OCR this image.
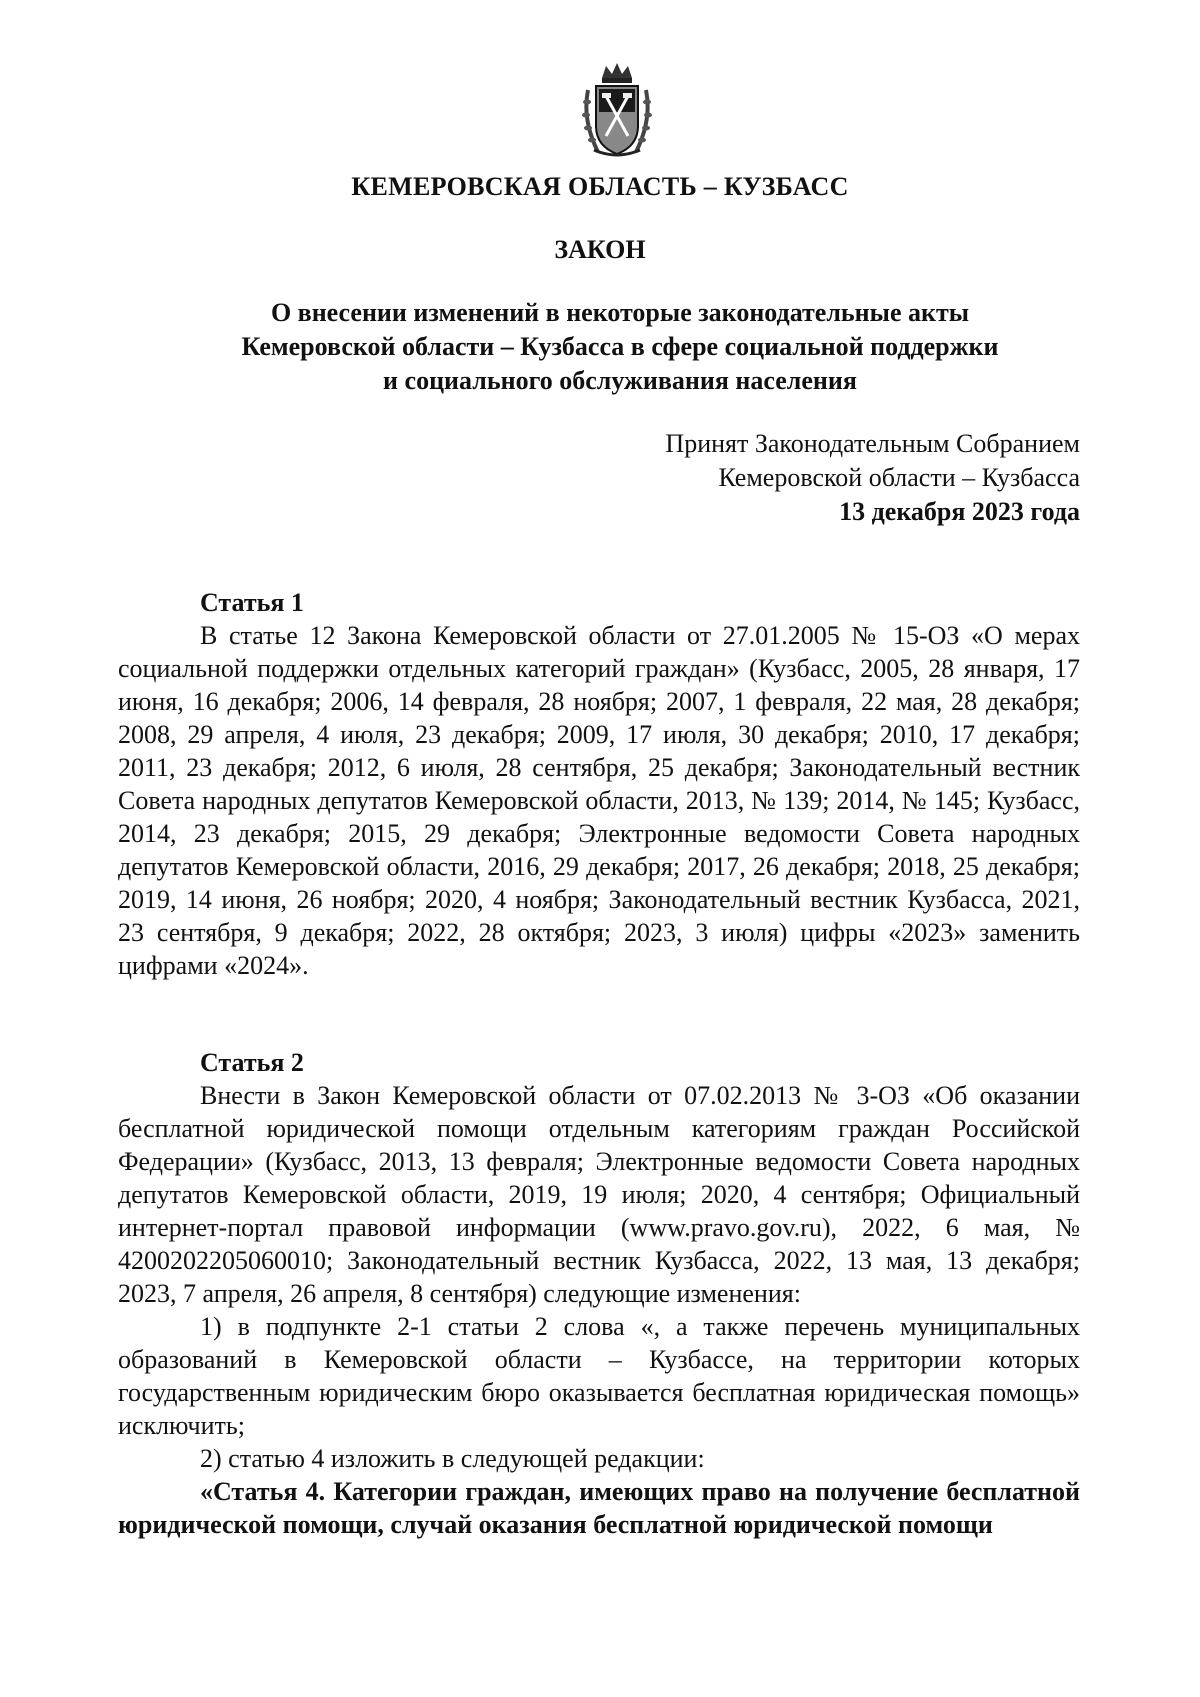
КЕМЕРОВСКАЯ ОБЛАСТЬ – КУЗБАСС
ЗАКОН
О внесении изменений в некоторые законодательные акты
Кемеровской области – Кузбасса в сфере социальной поддержки
и социального обслуживания населения
Принят Законодательным Собранием
Кемеровской области – Кузбасса
13 декабря 2023 года
Статья 1

В статье 12 Закона Кемеровской области от 27.01.2005 № 15-ОЗ «О мерах социальной поддержки отдельных категорий граждан» (Кузбасс, 2005, 28 января, 17 июня, 16 декабря; 2006, 14 февраля, 28 ноября; 2007, 1 февраля, 22 мая, 28 декабря; 2008, 29 апреля, 4 июля, 23 декабря; 2009, 17 июля, 30 декабря; 2010, 17 декабря; 2011, 23 декабря; 2012, 6 июля, 28 сентября, 25 декабря; Законодательный вестник Совета народных депутатов Кемеровской области, 2013, № 139; 2014, № 145; Кузбасс, 2014, 23 декабря; 2015, 29 декабря; Электронные ведомости Совета народных депутатов Кемеровской области, 2016, 29 декабря; 2017, 26 декабря; 2018, 25 декабря; 2019, 14 июня, 26 ноября; 2020, 4 ноября; Законодательный вестник Кузбасса, 2021, 23 сентября, 9 декабря; 2022, 28 октября; 2023, 3 июля) цифры «2023» заменить цифрами «2024».

Статья 2

Внести в Закон Кемеровской области от 07.02.2013 № 3-ОЗ «Об оказании бесплатной юридической помощи отдельным категориям граждан Российской Федерации» (Кузбасс, 2013, 13 февраля; Электронные ведомости Совета народных депутатов Кемеровской области, 2019, 19 июля; 2020, 4 сентября; Официальный интернет-портал правовой информации (www.pravo.gov.ru), 2022, 6 мая, № 4200202205060010; Законодательный вестник Кузбасса, 2022, 13 мая, 13 декабря; 2023, 7 апреля, 26 апреля, 8 сентября) следующие изменения:

1) в подпункте 2-1 статьи 2 слова «, а также перечень муниципальных образований в Кемеровской области – Кузбассе, на территории которых государственным юридическим бюро оказывается бесплатная юридическая помощь» исключить;

2) статью 4 изложить в следующей редакции:

«Статья 4. Категории граждан, имеющих право на получение бесплатной юридической помощи, случай оказания бесплатной юридической помощи
